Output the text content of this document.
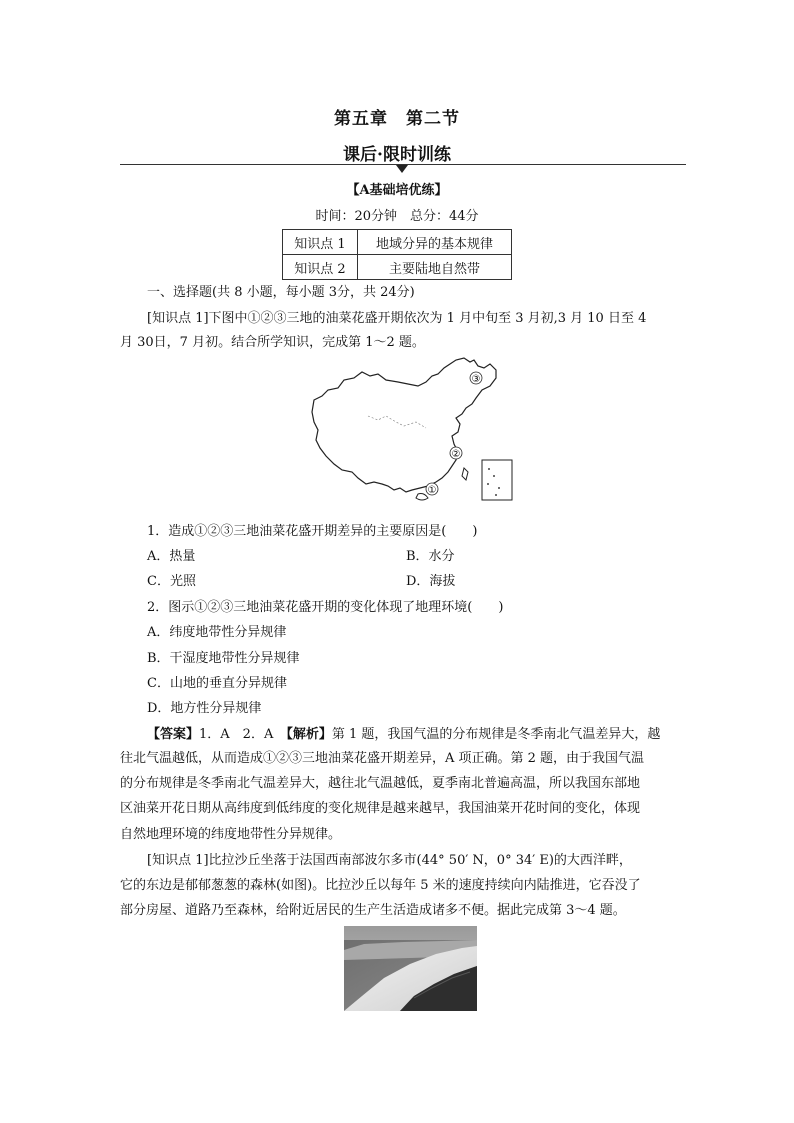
第五章　第二节
课后·限时训练
【A基础培优练】
时间：20分钟　总分：44分
知识点 1	地域分异的基本规律
知识点 2	主要陆地自然带
一、选择题(共 8 小题，每小题 3分，共 24分)
[知识点 1]下图中①②③三地的油菜花盛开期依次为 1 月中旬至 3 月初,3 月 10 日至 4
月 30日，7 月初。结合所学知识，完成第 1～2 题。
①
②
③
1．造成①②③三地油菜花盛开期差异的主要原因是(　　)
A．热量	B．水分
C．光照	D．海拔
2．图示①②③三地油菜花盛开期的变化体现了地理环境(　　)
A．纬度地带性分异规律
B．干湿度地带性分异规律
C．山地的垂直分异规律
D．地方性分异规律
【答案】1．A　2．A　【解析】第 1 题，我国气温的分布规律是冬季南北气温差异大，越
往北气温越低，从而造成①②③三地油菜花盛开期差异，A 项正确。第 2 题，由于我国气温
的分布规律是冬季南北气温差异大，越往北气温越低，夏季南北普遍高温，所以我国东部地
区油菜开花日期从高纬度到低纬度的变化规律是越来越早，我国油菜开花时间的变化，体现
自然地理环境的纬度地带性分异规律。
[知识点 1]比拉沙丘坐落于法国西南部波尔多市(44° 50′ N，0° 34′ E)的大西洋畔，
它的东边是郁郁葱葱的森林(如图)。比拉沙丘以每年 5 米的速度持续向内陆推进，它吞没了
部分房屋、道路乃至森林，给附近居民的生产生活造成诸多不便。据此完成第 3～4 题。
